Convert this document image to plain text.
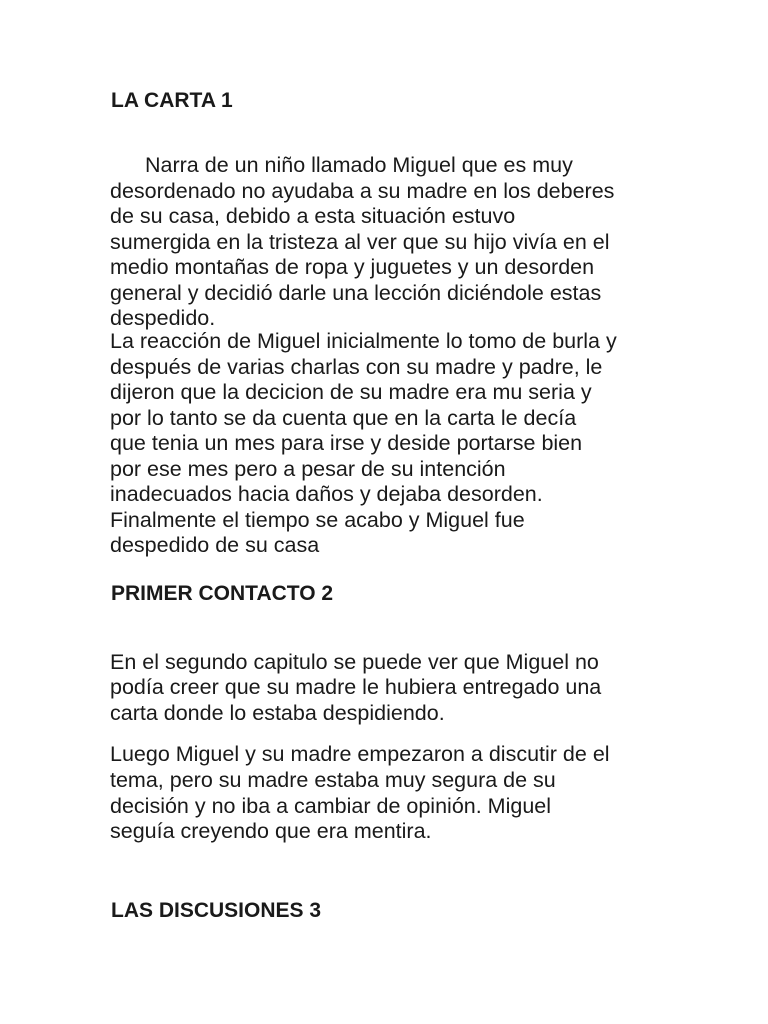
LA CARTA 1

Narra de un niño llamado Miguel que es muy

desordenado no ayudaba a su madre en los deberes

de su casa, debido a esta situación estuvo

sumergida en la tristeza al ver que su hijo vivía en el

medio montañas de ropa y juguetes y un desorden

general y decidió darle una lección diciéndole estas

despedido.

La reacción de Miguel inicialmente lo tomo de burla y

después de varias charlas con su madre y padre, le

dijeron que la decicion de su madre era mu seria y

por lo tanto se da cuenta que en la carta le decía

que tenia un mes para irse y deside portarse bien

por ese mes pero a pesar de su intención

inadecuados hacia daños y dejaba desorden.

Finalmente el tiempo se acabo y Miguel fue

despedido de su casa

PRIMER CONTACTO 2

En el segundo capitulo se puede ver que Miguel no

podía creer que su madre le hubiera entregado una

carta donde lo estaba despidiendo.

Luego Miguel y su madre empezaron a discutir de el

tema, pero su madre estaba muy segura de su

decisión y no iba a cambiar de opinión. Miguel

seguía creyendo que era mentira.

LAS DISCUSIONES 3
